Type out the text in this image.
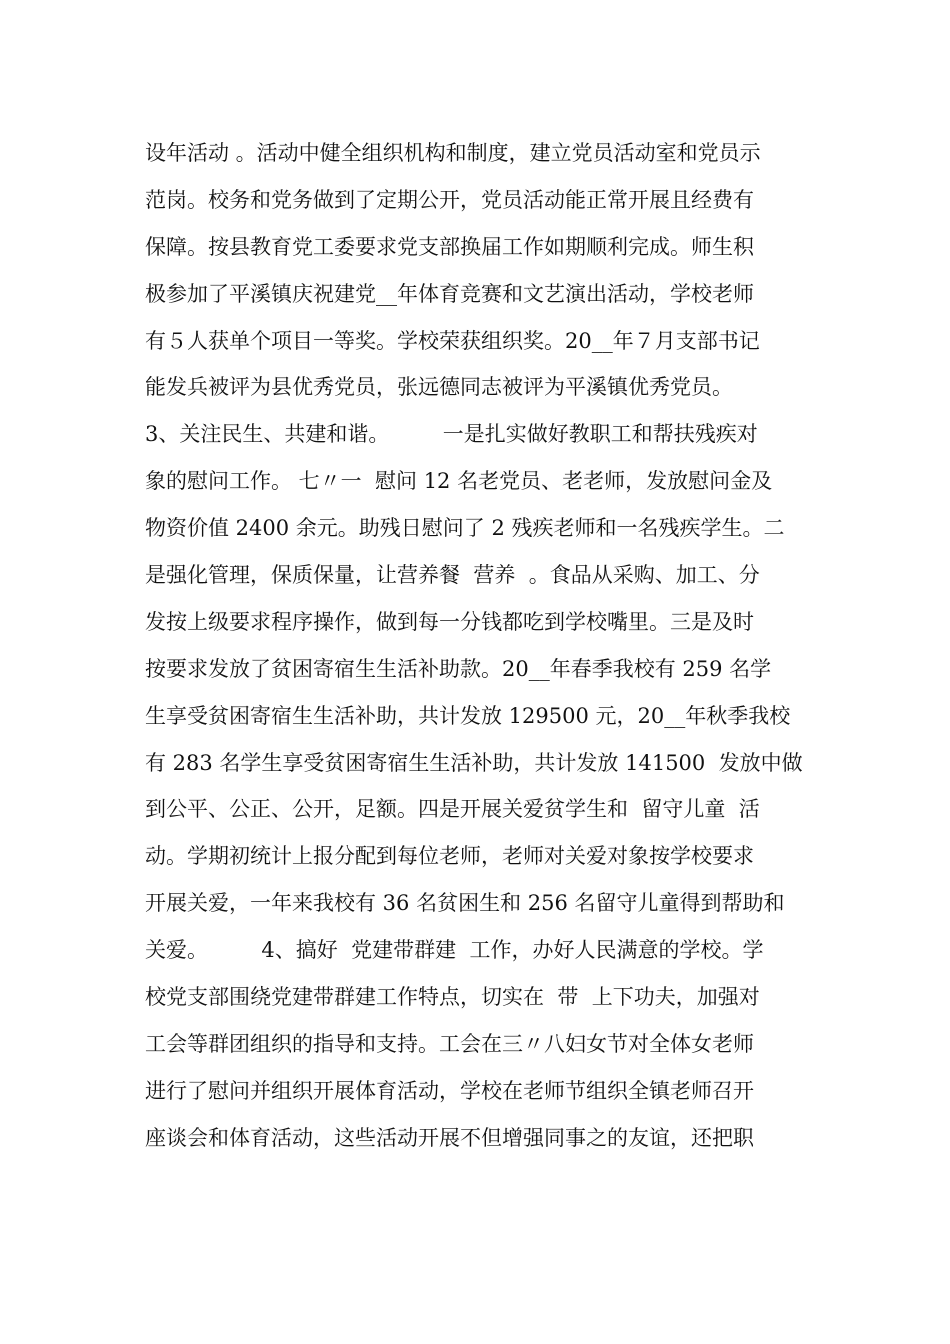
设年活动 。活动中健全组织机构和制度，建立党员活动室和党员示
范岗。校务和党务做到了定期公开，党员活动能正常开展且经费有
保障。按县教育党工委要求党支部换届工作如期顺利完成。师生积
极参加了平溪镇庆祝建党__年体育竞赛和文艺演出活动，学校老师
有５人获单个项目一等奖。学校荣获组织奖。20__年７月支部书记
能发兵被评为县优秀党员，张远德同志被评为平溪镇优秀党员。
3、关注民生、共建和谐。        一是扎实做好教职工和帮扶残疾对
象的慰问工作。 七〃一  慰问 12 名老党员、老老师，发放慰问金及
物资价值 2400 余元。助残日慰问了 2 残疾老师和一名残疾学生。二
是强化管理，保质保量，让营养餐  营养  。食品从采购、加工、分
发按上级要求程序操作，做到每一分钱都吃到学校嘴里。三是及时
按要求发放了贫困寄宿生生活补助款。20__年春季我校有 259 名学
生享受贫困寄宿生生活补助，共计发放 129500 元，20__年秋季我校
有 283 名学生享受贫困寄宿生生活补助，共计发放 141500  发放中做
到公平、公正、公开，足额。四是开展关爱贫学生和  留守儿童  活
动。学期初统计上报分配到每位老师，老师对关爱对象按学校要求
开展关爱，一年来我校有 36 名贫困生和 256 名留守儿童得到帮助和
关爱。        4、搞好  党建带群建  工作，办好人民满意的学校。学
校党支部围绕党建带群建工作特点，切实在  带  上下功夫，加强对
工会等群团组织的指导和支持。工会在三〃八妇女节对全体女老师
进行了慰问并组织开展体育活动，学校在老师节组织全镇老师召开
座谈会和体育活动，这些活动开展不但增强同事之的友谊，还把职
